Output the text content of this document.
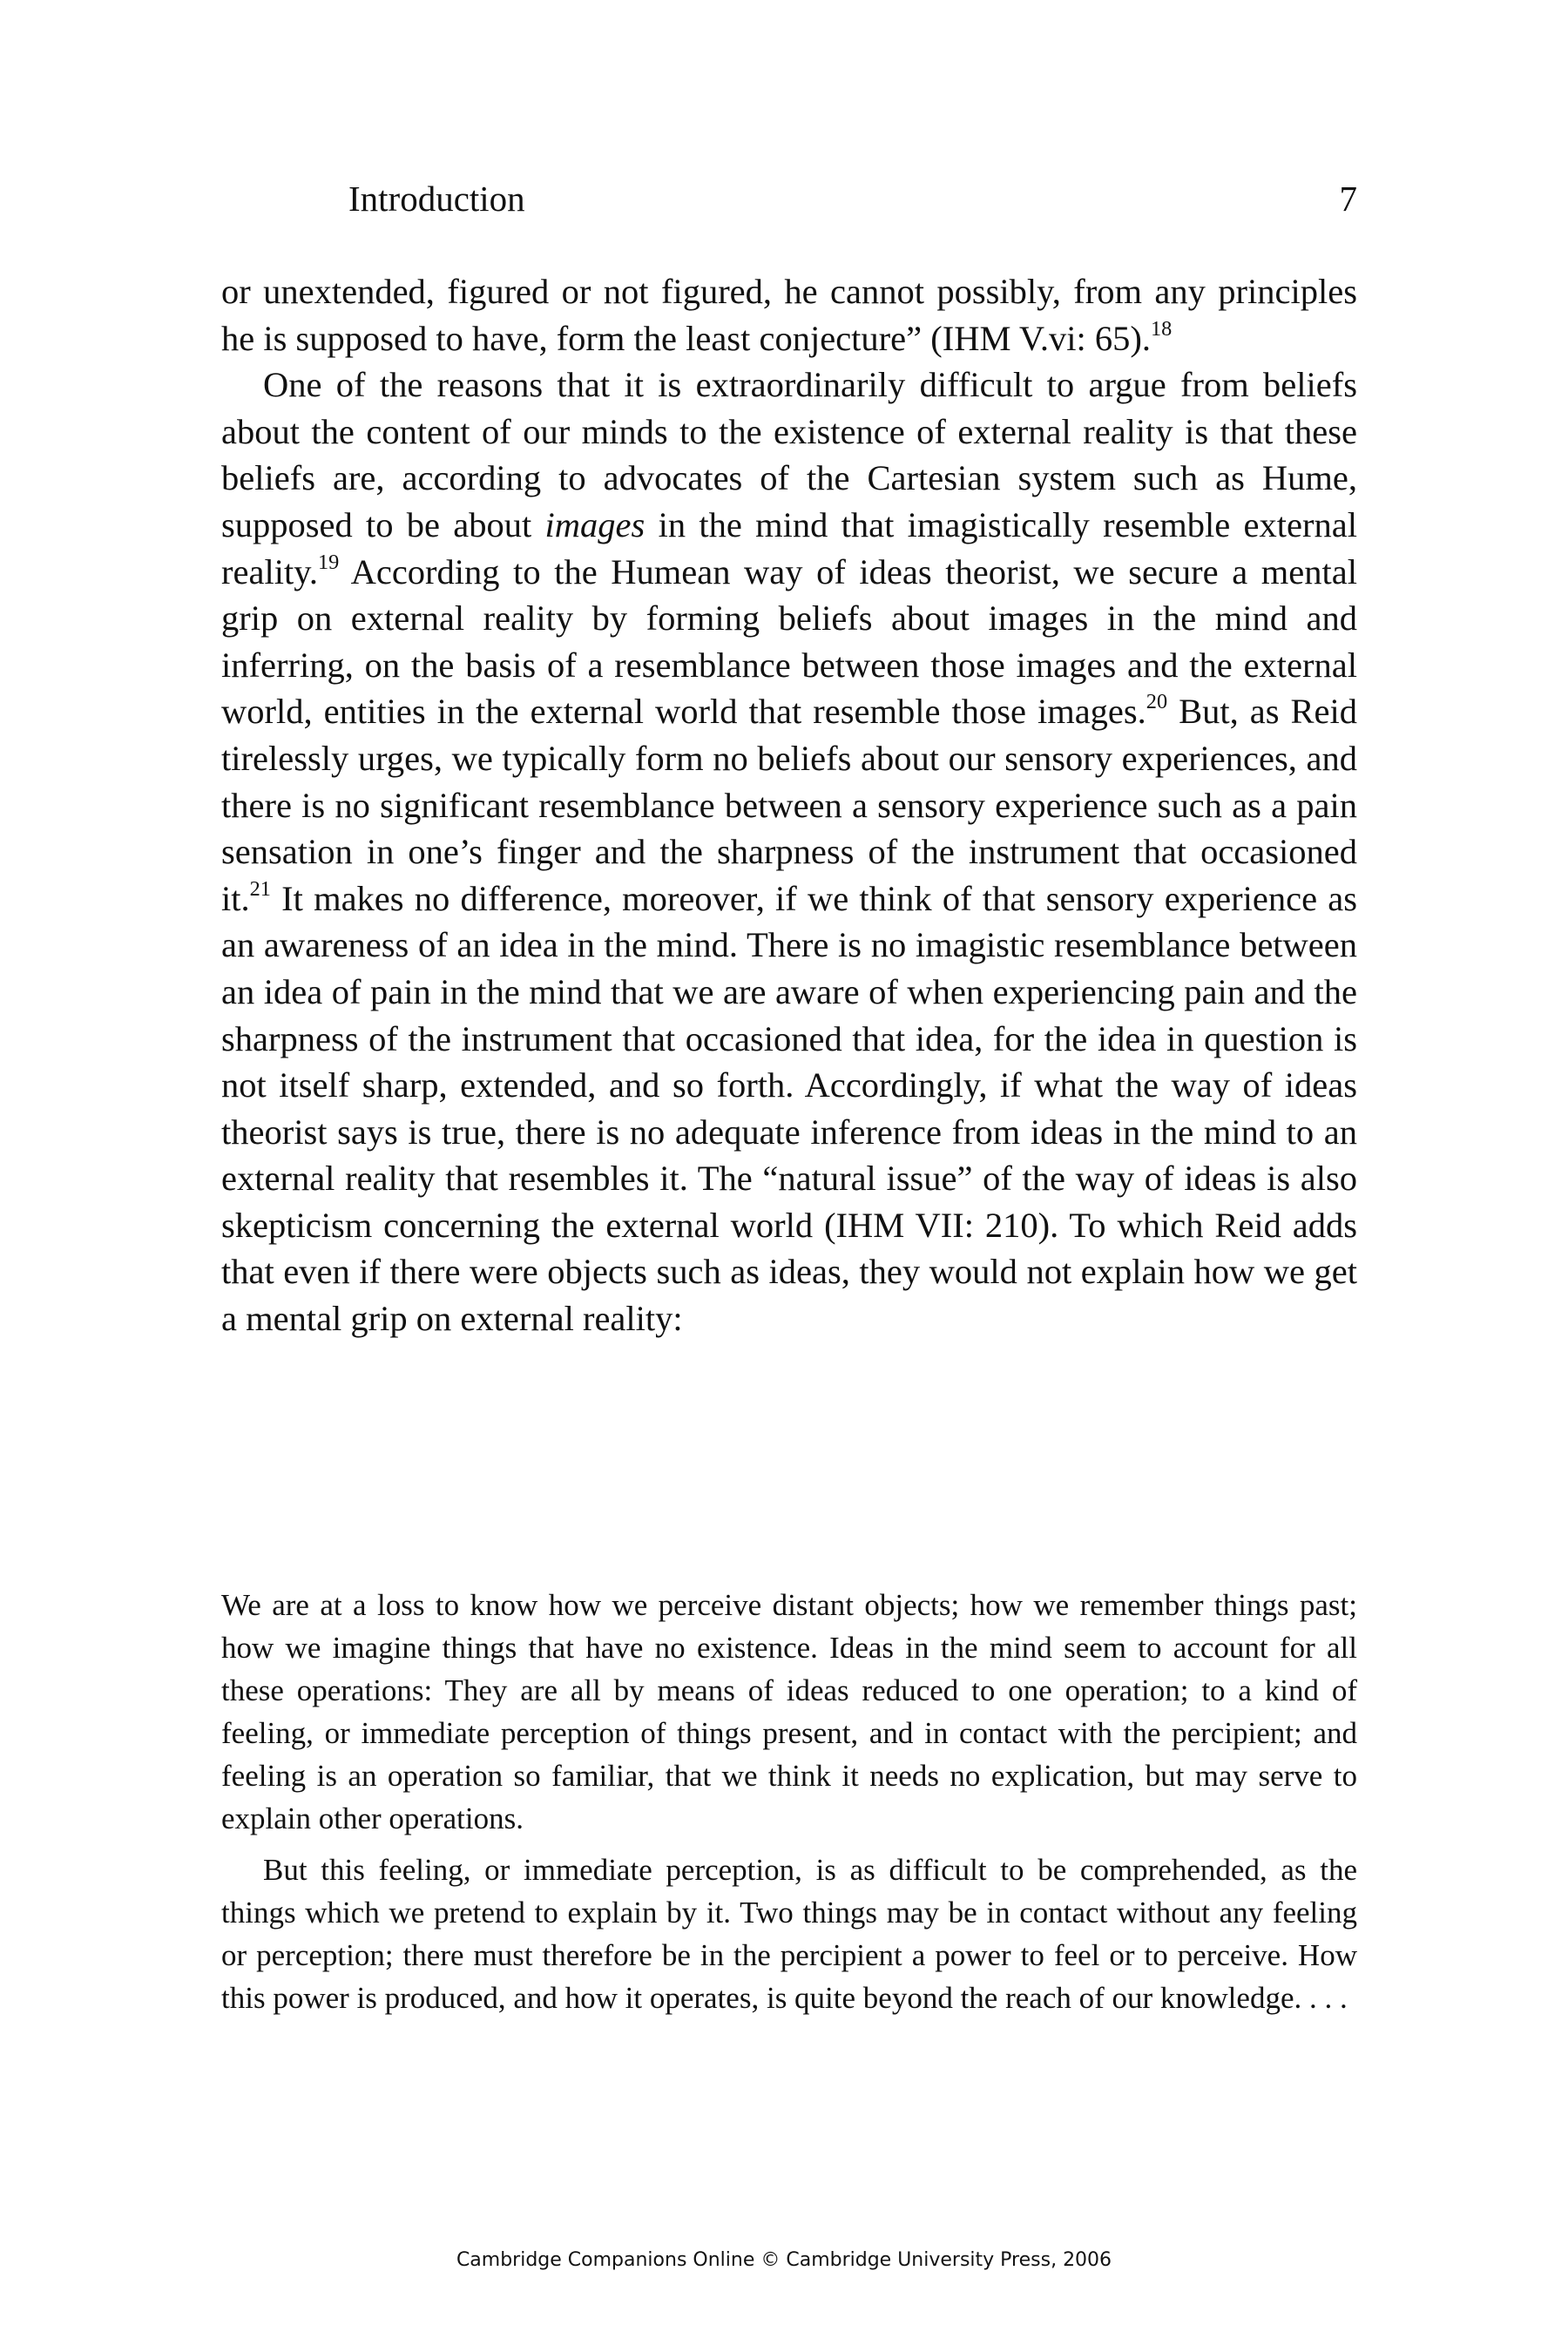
Introduction	7

or unextended, figured or not figured, he cannot possibly, from any principles he is supposed to have, form the least conjecture” (IHM V.vi: 65).$^{18}$

One of the reasons that it is extraordinarily difficult to argue from beliefs about the content of our minds to the existence of external reality is that these beliefs are, according to advocates of the Cartesian system such as Hume, supposed to be about images in the mind that imagistically resemble external reality.$^{19}$ According to the Humean way of ideas theorist, we secure a mental grip on external reality by forming beliefs about images in the mind and inferring, on the basis of a resemblance between those images and the external world, entities in the external world that resemble those images.$^{20}$ But, as Reid tirelessly urges, we typically form no beliefs about our sensory experiences, and there is no significant resemblance between a sensory experience such as a pain sensation in one’s finger and the sharpness of the instrument that occasioned it.$^{21}$ It makes no difference, moreover, if we think of that sensory experience as an awareness of an idea in the mind. There is no imagistic resemblance between an idea of pain in the mind that we are aware of when experiencing pain and the sharpness of the instrument that occasioned that idea, for the idea in question is not itself sharp, extended, and so forth. Accordingly, if what the way of ideas theorist says is true, there is no adequate inference from ideas in the mind to an external reality that resembles it. The “natural issue” of the way of ideas is also skepticism concerning the external world (IHM VII: 210). To which Reid adds that even if there were objects such as ideas, they would not explain how we get a mental grip on external reality:

We are at a loss to know how we perceive distant objects; how we remember things past; how we imagine things that have no existence. Ideas in the mind seem to account for all these operations: They are all by means of ideas reduced to one operation; to a kind of feeling, or immediate perception of things present, and in contact with the percipient; and feeling is an operation so familiar, that we think it needs no explication, but may serve to explain other operations.

But this feeling, or immediate perception, is as difficult to be comprehended, as the things which we pretend to explain by it. Two things may be in contact without any feeling or perception; there must therefore be in the percipient a power to feel or to perceive. How this power is produced, and how it operates, is quite beyond the reach of our knowledge. . . .

Cambridge Companions Online © Cambridge University Press, 2006
